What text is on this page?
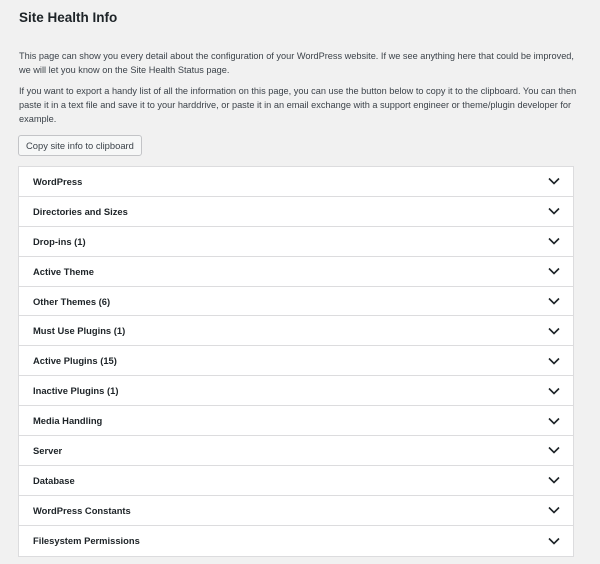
Site Health Info

This page can show you every detail about the configuration of your WordPress website. If we see anything here that could be improved, we will let you know on the Site Health Status page.

If you want to export a handy list of all the information on this page, you can use the button below to copy it to the clipboard. You can then paste it in a text file and save it to your harddrive, or paste it in an email exchange with a support engineer or theme/plugin developer for example.

Copy site info to clipboard
WordPress
Directories and Sizes
Drop-ins (1)
Active Theme
Other Themes (6)
Must Use Plugins (1)
Active Plugins (15)
Inactive Plugins (1)
Media Handling
Server
Database
WordPress Constants
Filesystem Permissions
